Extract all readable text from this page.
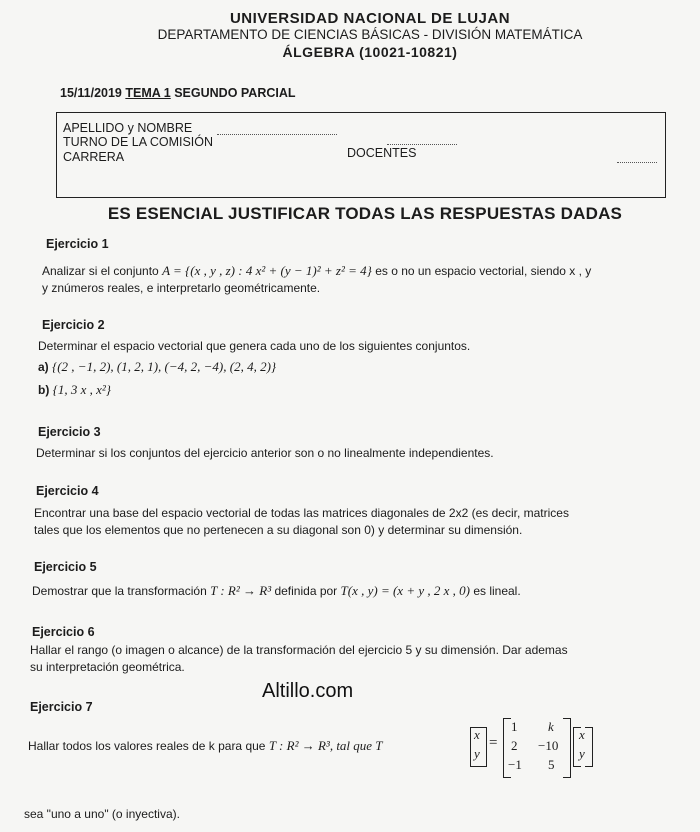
UNIVERSIDAD NACIONAL DE LUJAN
DEPARTAMENTO DE CIENCIAS BÁSICAS - DIVISIÓN MATEMÁTICA
ÁLGEBRA (10021-10821)
15/11/2019 TEMA 1 SEGUNDO PARCIAL
APELLIDO y NOMBRE
TURNO DE LA COMISIÓN
CARRERA	DOCENTES
ES ESENCIAL JUSTIFICAR TODAS LAS RESPUESTAS DADAS
Ejercicio 1
Analizar si el conjunto A = {(x , y , z) : 4 x² + (y − 1)² + z² = 4} es o no un espacio vectorial, siendo x , y
y znúmeros reales, e interpretarlo geométricamente.
Ejercicio 2
Determinar el espacio vectorial que genera cada uno de los siguientes conjuntos.
a) {(2 , −1, 2), (1, 2, 1), (−4, 2, −4), (2, 4, 2)}
b) {1, 3 x , x²}
Ejercicio 3
Determinar si los conjuntos del ejercicio anterior son o no linealmente independientes.
Ejercicio 4
Encontrar una base del espacio vectorial de todas las matrices diagonales de 2x2 (es decir, matrices
tales que los elementos que no pertenecen a su diagonal son 0) y determinar su dimensión.
Ejercicio 5
Demostrar que la transformación T : R² → R³ definida por T(x , y) = (x + y , 2 x , 0) es lineal.
Ejercicio 6
Hallar el rango (o imagen o alcance) de la transformación del ejercicio 5 y su dimensión. Dar ademas
su interpretación geométrica.
Altillo.com
Ejercicio 7
Hallar todos los valores reales de k para que T : R² → R³, tal que T
x
y
=
1 k
2 −10
−1 5
x
y
sea "uno a uno" (o inyectiva).
